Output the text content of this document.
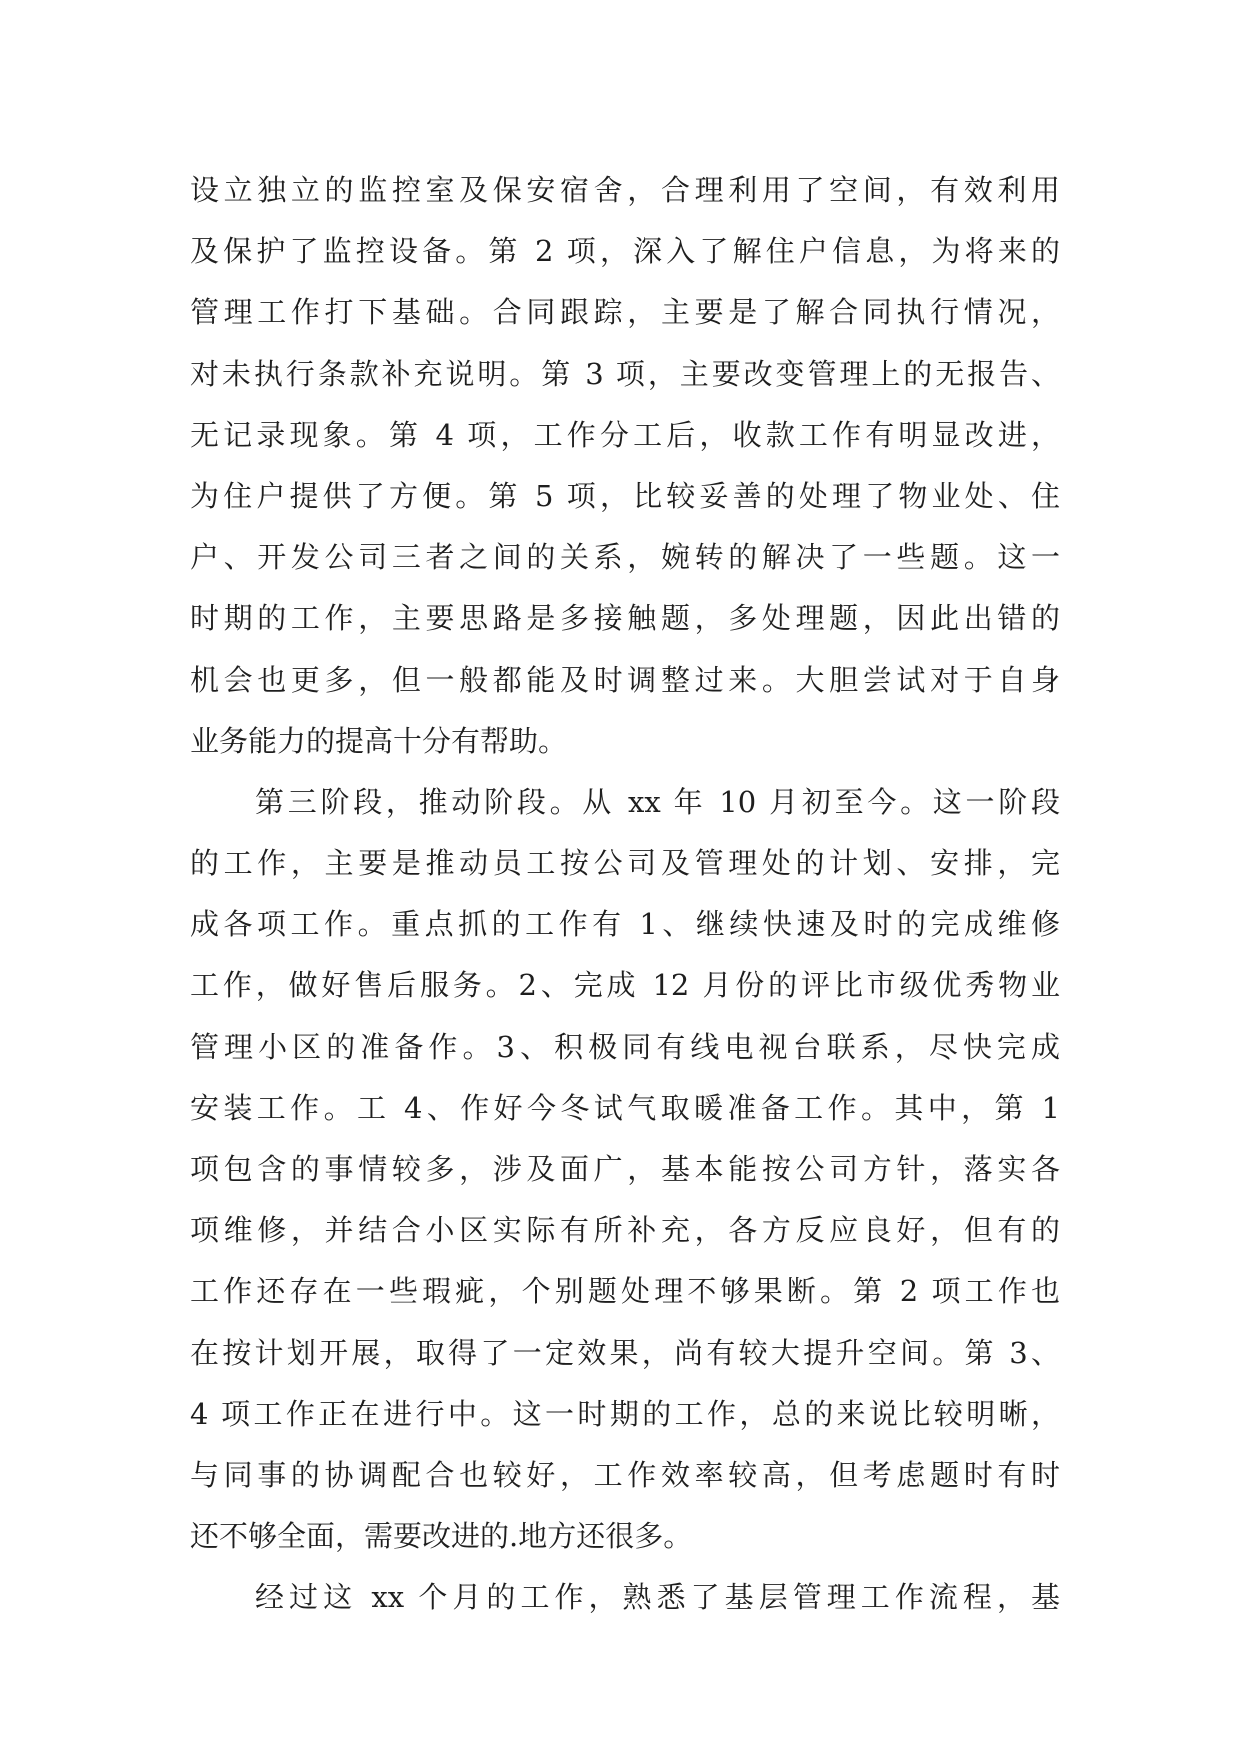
设立独立的监控室及保安宿舍，合理利用了空间，有效利用
及保护了监控设备。第 2 项，深入了解住户信息，为将来的
管理工作打下基础。合同跟踪，主要是了解合同执行情况，
对未执行条款补充说明。第 3 项，主要改变管理上的无报告、
无记录现象。第 4 项，工作分工后，收款工作有明显改进，
为住户提供了方便。第 5 项，比较妥善的处理了物业处、住
户、开发公司三者之间的关系，婉转的解决了一些题。这一
时期的工作，主要思路是多接触题，多处理题，因此出错的
机会也更多，但一般都能及时调整过来。大胆尝试对于自身
业务能力的提高十分有帮助。
第三阶段，推动阶段。从 xx 年 10 月初至今。这一阶段
的工作，主要是推动员工按公司及管理处的计划、安排，完
成各项工作。重点抓的工作有 1、继续快速及时的完成维修
工作，做好售后服务。2、完成 12 月份的评比市级优秀物业
管理小区的准备作。3、积极同有线电视台联系，尽快完成
安装工作。工 4、作好今冬试气取暖准备工作。其中，第 1
项包含的事情较多，涉及面广，基本能按公司方针，落实各
项维修，并结合小区实际有所补充，各方反应良好，但有的
工作还存在一些瑕疵，个别题处理不够果断。第 2 项工作也
在按计划开展，取得了一定效果，尚有较大提升空间。第 3、
4 项工作正在进行中。这一时期的工作，总的来说比较明晰，
与同事的协调配合也较好，工作效率较高，但考虑题时有时
还不够全面，需要改进的.地方还很多。
经过这 xx 个月的工作，熟悉了基层管理工作流程，基
